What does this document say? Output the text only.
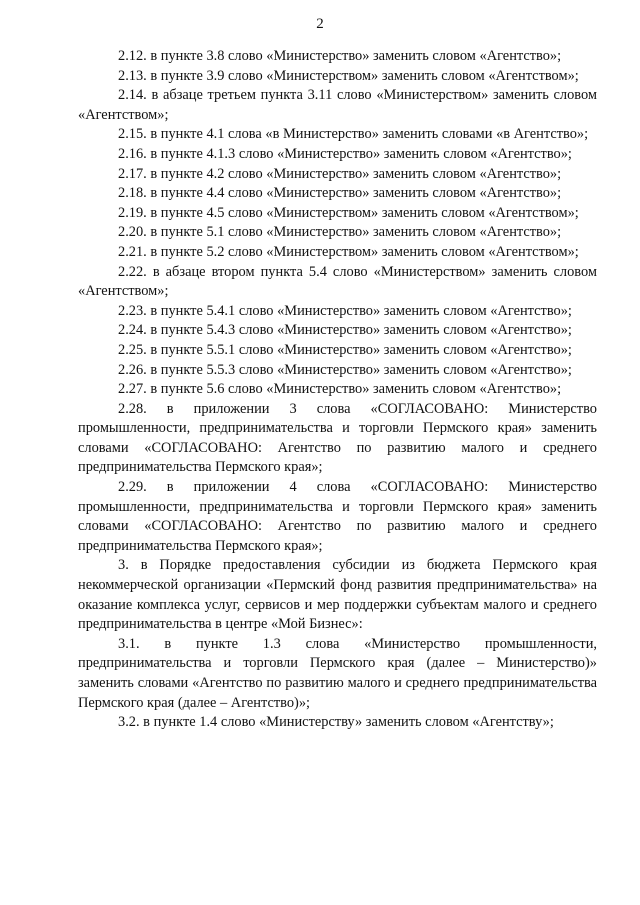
2

2.12. в пункте 3.8 слово «Министерство» заменить словом «Агентство»;

2.13. в пункте 3.9 слово «Министерством» заменить словом «Агентством»;

2.14. в абзаце третьем пункта 3.11 слово «Министерством» заменить словом «Агентством»;

2.15. в пункте 4.1 слова «в Министерство» заменить словами «в Агентство»;

2.16. в пункте 4.1.3 слово «Министерство» заменить словом «Агентство»;

2.17. в пункте 4.2 слово «Министерство» заменить словом «Агентство»;

2.18. в пункте 4.4 слово «Министерство» заменить словом «Агентство»;

2.19. в пункте 4.5 слово «Министерством» заменить словом «Агентством»;

2.20. в пункте 5.1 слово «Министерство» заменить словом «Агентство»;

2.21. в пункте 5.2 слово «Министерством» заменить словом «Агентством»;

2.22. в абзаце втором пункта 5.4 слово «Министерством» заменить словом «Агентством»;

2.23. в пункте 5.4.1 слово «Министерство» заменить словом «Агентство»;

2.24. в пункте 5.4.3 слово «Министерство» заменить словом «Агентство»;

2.25. в пункте 5.5.1 слово «Министерство» заменить словом «Агентство»;

2.26. в пункте 5.5.3 слово «Министерство» заменить словом «Агентство»;

2.27. в пункте 5.6 слово «Министерство» заменить словом «Агентство»;

2.28. в приложении 3 слова «СОГЛАСОВАНО: Министерство промышленности, предпринимательства и торговли Пермского края» заменить словами «СОГЛАСОВАНО: Агентство по развитию малого и среднего предпринимательства Пермского края»;

2.29. в приложении 4 слова «СОГЛАСОВАНО: Министерство промышленности, предпринимательства и торговли Пермского края» заменить словами «СОГЛАСОВАНО: Агентство по развитию малого и среднего предпринимательства Пермского края»;

3. в Порядке предоставления субсидии из бюджета Пермского края некоммерческой организации «Пермский фонд развития предпринимательства» на оказание комплекса услуг, сервисов и мер поддержки субъектам малого и среднего предпринимательства в центре «Мой Бизнес»:

3.1. в пункте 1.3 слова «Министерство промышленности, предпринимательства и торговли Пермского края (далее – Министерство)» заменить словами «Агентство по развитию малого и среднего предпринимательства Пермского края (далее – Агентство)»;

3.2. в пункте 1.4 слово «Министерству» заменить словом «Агентству»;
